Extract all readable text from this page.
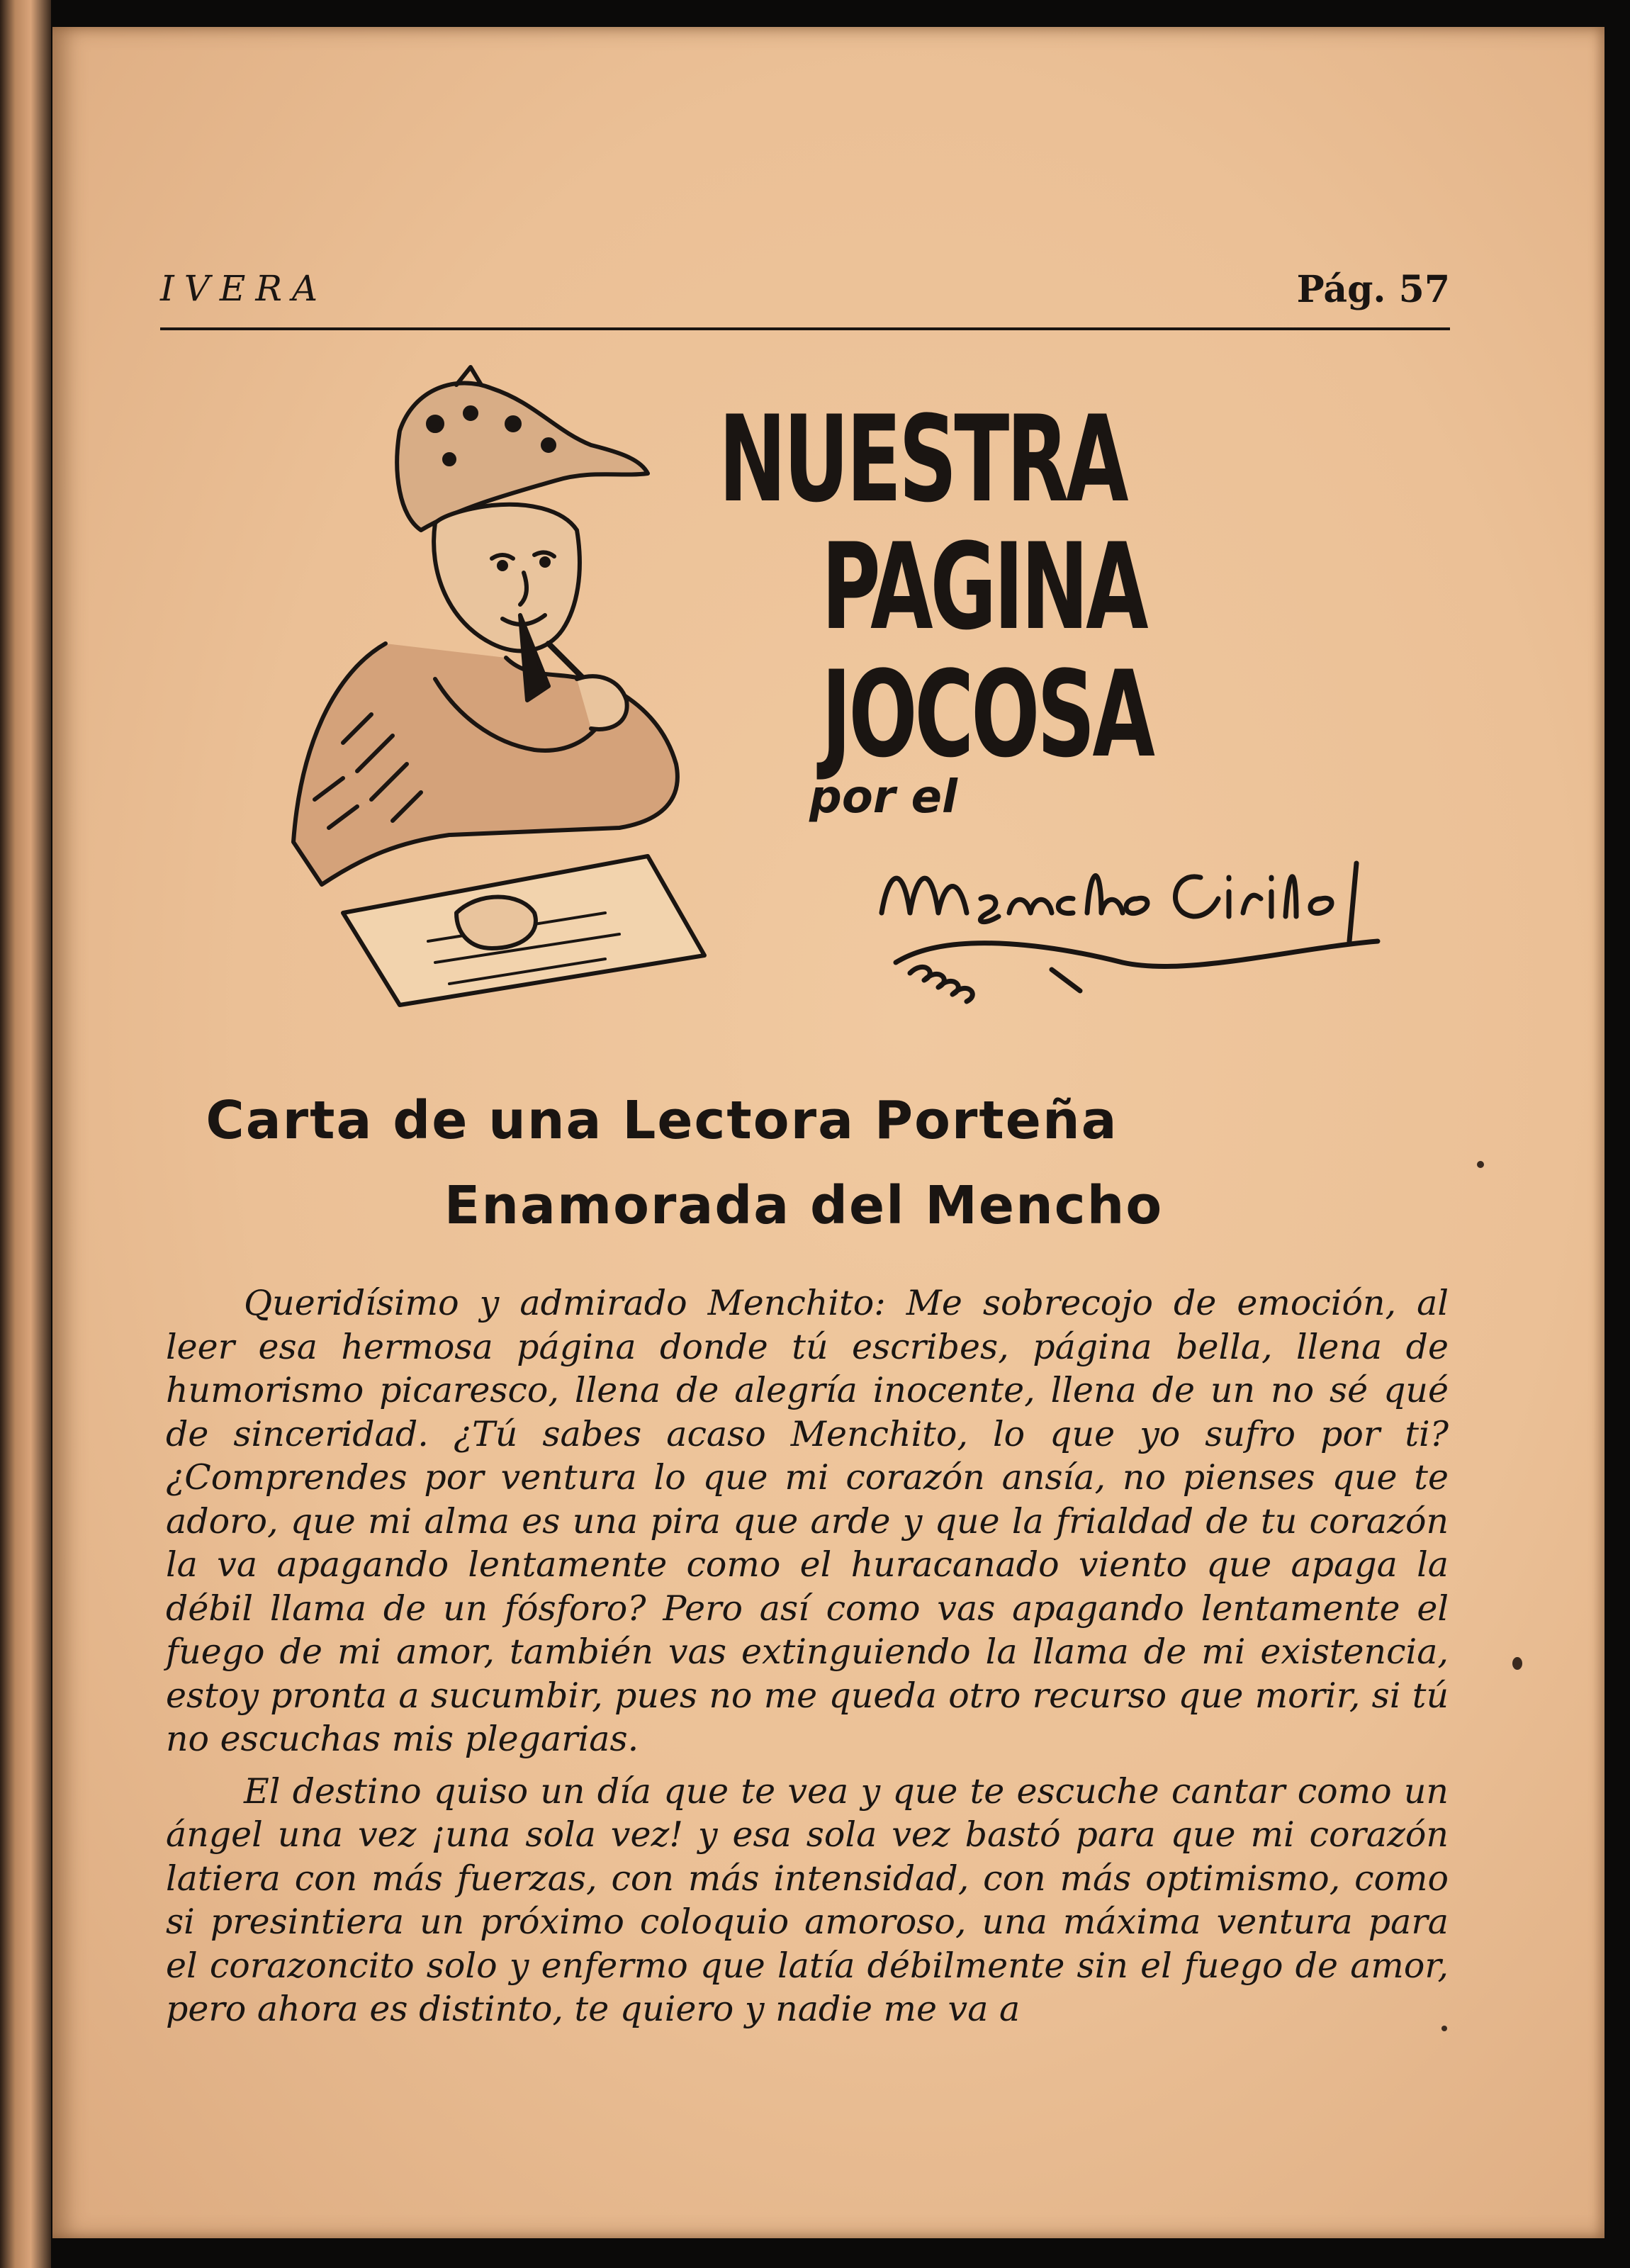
IVERA	Pág. 57
NUESTRA
PAGINA
JOCOSA
por el
Carta de una Lectora Porteña
Enamorada del Mencho

Queridísimo y admirado Menchito: Me sobrecojo de emoción, al leer esa hermosa página donde tú escribes, página bella, llena de humorismo picaresco, llena de alegría inocente, llena de un no sé qué de sinceridad. ¿Tú sabes acaso Menchito, lo que yo sufro por ti? ¿Comprendes por ventura lo que mi corazón ansía, no pienses que te adoro, que mi alma es una pira que arde y que la frialdad de tu corazón la va apagando lentamente como el huracanado viento que apaga la débil llama de un fósforo? Pero así como vas apagando lentamente el fuego de mi amor, también vas extinguiendo la llama de mi existencia, estoy pronta a sucumbir, pues no me queda otro recurso que morir, si tú no escuchas mis plegarias.

El destino quiso un día que te vea y que te escuche cantar como un ángel una vez ¡una sola vez! y esa sola vez bastó para que mi corazón latiera con más fuerzas, con más intensidad, con más optimismo, como si presintiera un próximo coloquio amoroso, una máxima ventura para el corazoncito solo y enfermo que latía débilmente sin el fuego de amor, pero ahora es distinto, te quiero y nadie me va a
